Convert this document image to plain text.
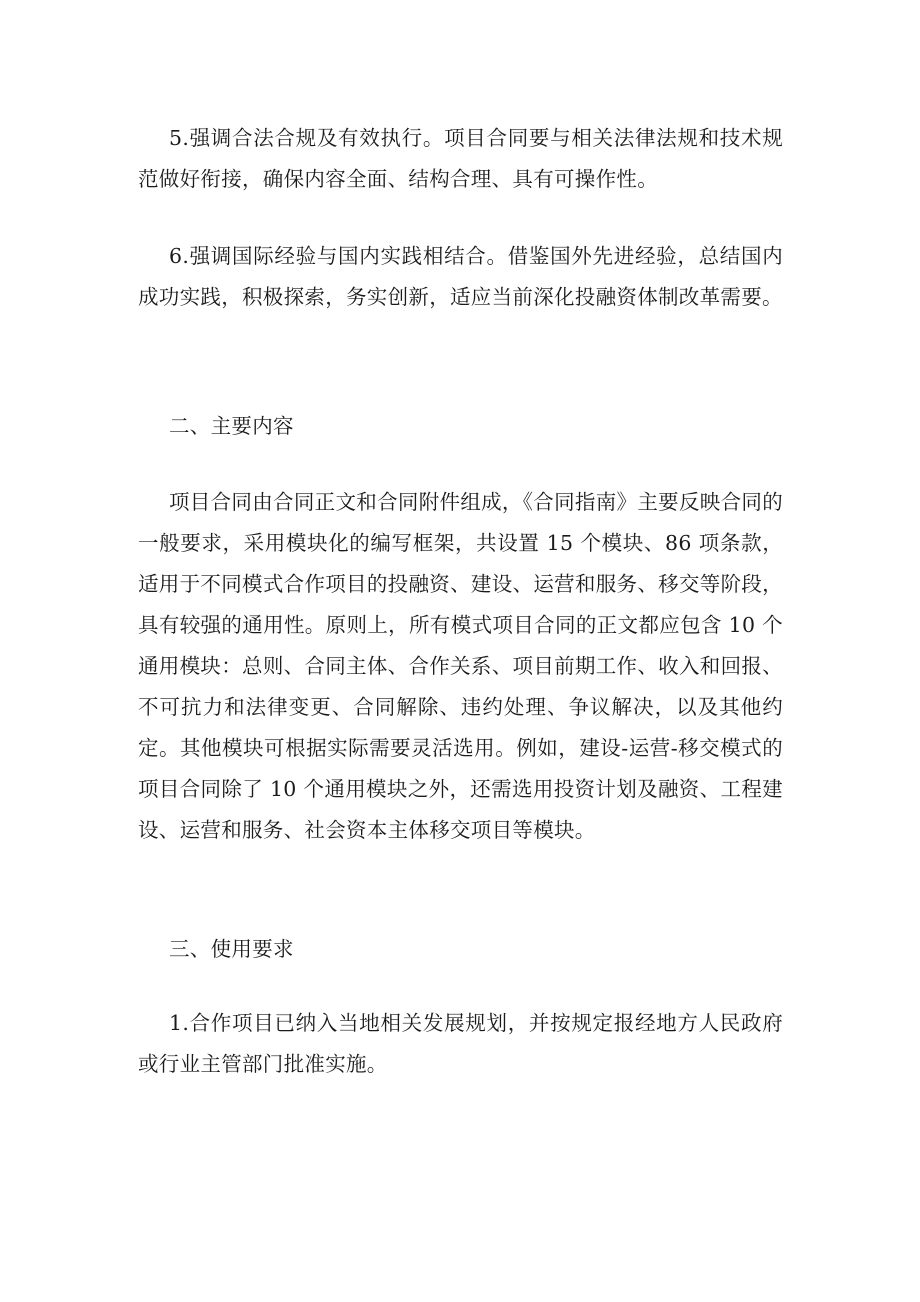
5.强调合法合规及有效执行。项目合同要与相关法律法规和技术规范做好衔接，确保内容全面、结构合理、具有可操作性。

6.强调国际经验与国内实践相结合。借鉴国外先进经验，总结国内成功实践，积极探索，务实创新，适应当前深化投融资体制改革需要。

二、主要内容

项目合同由合同正文和合同附件组成，《合同指南》主要反映合同的一般要求，采用模块化的编写框架，共设置 15 个模块、86 项条款，适用于不同模式合作项目的投融资、建设、运营和服务、移交等阶段，具有较强的通用性。原则上，所有模式项目合同的正文都应包含 10 个通用模块：总则、合同主体、合作关系、项目前期工作、收入和回报、不可抗力和法律变更、合同解除、违约处理、争议解决，以及其他约定。其他模块可根据实际需要灵活选用。例如，建设-运营-移交模式的项目合同除了 10 个通用模块之外，还需选用投资计划及融资、工程建设、运营和服务、社会资本主体移交项目等模块。

三、使用要求

1.合作项目已纳入当地相关发展规划，并按规定报经地方人民政府或行业主管部门批准实施。
